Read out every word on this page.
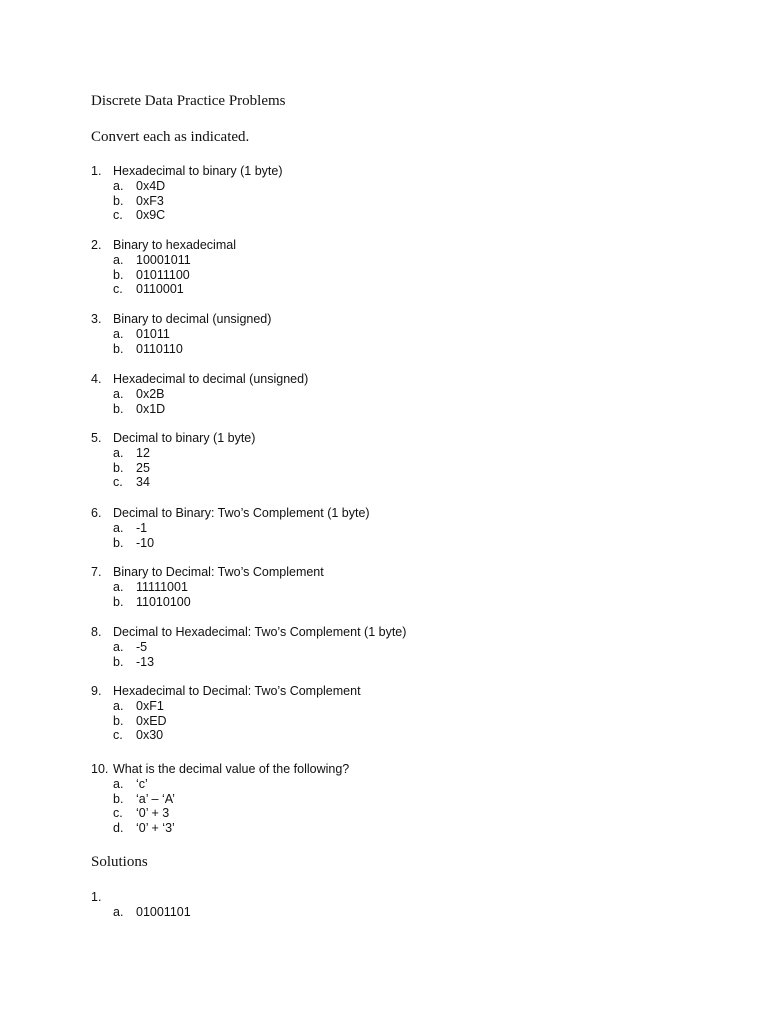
Discrete Data Practice Problems

Convert each as indicated.

1. Hexadecimal to binary (1 byte)
a. 0x4D
b. 0xF3
c. 0x9C
2. Binary to hexadecimal
a. 10001011
b. 01011100
c. 0110001
3. Binary to decimal (unsigned)
a. 01011
b. 0110110
4. Hexadecimal to decimal (unsigned)
a. 0x2B
b. 0x1D
5. Decimal to binary (1 byte)
a. 12
b. 25
c. 34
6. Decimal to Binary: Two’s Complement (1 byte)
a. -1
b. -10
7. Binary to Decimal: Two’s Complement
a. 11111001
b. 11010100
8. Decimal to Hexadecimal: Two’s Complement (1 byte)
a. -5
b. -13
9. Hexadecimal to Decimal: Two’s Complement
a. 0xF1
b. 0xED
c. 0x30
10. What is the decimal value of the following?
a. ‘c’
b. ‘a’ – ‘A’
c. ‘0’ + 3
d. ‘0’ + ‘3’
Solutions
1.
a. 01001101
